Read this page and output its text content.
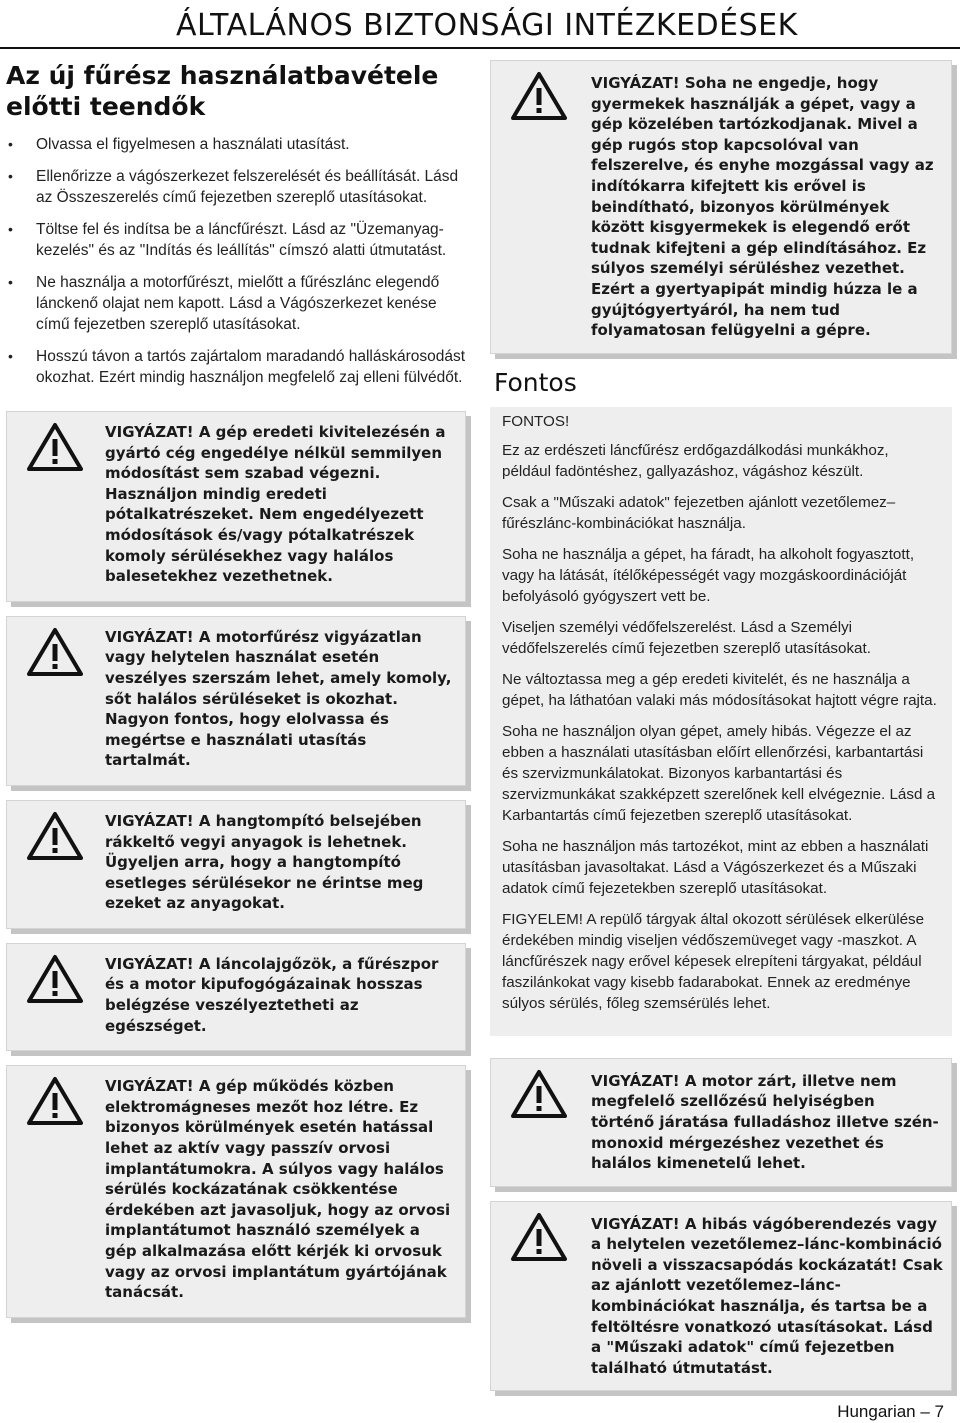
ÁLTALÁNOS BIZTONSÁGI INTÉZKEDÉSEK
Az új fűrész használatbavétele előtti teendők
• Olvassa el figyelmesen a használati utasítást.
• Ellenőrizze a vágószerkezet felszerelését és beállítását. Lásd az Összeszerelés című fejezetben szereplő utasításokat.
• Töltse fel és indítsa be a láncfűrészt. Lásd az "Üzemanyag-kezelés" és az "Indítás és leállítás" címszó alatti útmutatást.
• Ne használja a motorfűrészt, mielőtt a fűrészlánc elegendő lánckenő olajat nem kapott. Lásd a Vágószerkezet kenése című fejezetben szereplő utasításokat.
• Hosszú távon a tartós zajártalom maradandó halláskárosodást okozhat. Ezért mindig használjon megfelelő zaj elleni fülvédőt.
VIGYÁZAT! A gép eredeti kivitelezésén a gyártó cég engedélye nélkül semmilyen módosítást sem szabad végezni. Használjon mindig eredeti pótalkatrészeket. Nem engedélyezett módosítások és/vagy pótalkatrészek komoly sérülésekhez vagy halálos balesetekhez vezethetnek.
VIGYÁZAT! A motorfűrész vigyázatlan vagy helytelen használat esetén veszélyes szerszám lehet, amely komoly, sőt halálos sérüléseket is okozhat. Nagyon fontos, hogy elolvassa és megértse e használati utasítás tartalmát.
VIGYÁZAT! A hangtompító belsejében rákkeltő vegyi anyagok is lehetnek. Ügyeljen arra, hogy a hangtompító esetleges sérülésekor ne érintse meg ezeket az anyagokat.
VIGYÁZAT! A láncolajgőzök, a fűrészpor és a motor kipufogógázainak hosszas belégzése veszélyeztetheti az egészséget.
VIGYÁZAT! A gép működés közben elektromágneses mezőt hoz létre. Ez bizonyos körülmények esetén hatással lehet az aktív vagy passzív orvosi implantátumokra. A súlyos vagy halálos sérülés kockázatának csökkentése érdekében azt javasoljuk, hogy az orvosi implantátumot használó személyek a gép alkalmazása előtt kérjék ki orvosuk vagy az orvosi implantátum gyártójának tanácsát.
VIGYÁZAT! Soha ne engedje, hogy gyermekek használják a gépet, vagy a gép közelében tartózkodjanak. Mivel a gép rugós stop kapcsolóval van felszerelve, és enyhe mozgással vagy az indítókarra kifejtett kis erővel is beindítható, bizonyos körülmények között kisgyermekek is elegendő erőt tudnak kifejteni a gép elindításához. Ez súlyos személyi sérüléshez vezethet. Ezért a gyertyapipát mindig húzza le a gyújtógyertyáról, ha nem tud folyamatosan felügyelni a gépre.
Fontos

FONTOS!

Ez az erdészeti láncfűrész erdőgazdálkodási munkákhoz, például fadöntéshez, gallyazáshoz, vágáshoz készült.

Csak a "Műszaki adatok" fejezetben ajánlott vezetőlemez–fűrészlánc-kombinációkat használja.

Soha ne használja a gépet, ha fáradt, ha alkoholt fogyasztott, vagy ha látását, ítélőképességét vagy mozgáskoordinációját befolyásoló gyógyszert vett be.

Viseljen személyi védőfelszerelést. Lásd a Személyi védőfelszerelés című fejezetben szereplő utasításokat.

Ne változtassa meg a gép eredeti kivitelét, és ne használja a gépet, ha láthatóan valaki más módosításokat hajtott végre rajta.

Soha ne használjon olyan gépet, amely hibás. Végezze el az ebben a használati utasításban előírt ellenőrzési, karbantartási és szervizmunkálatokat. Bizonyos karbantartási és szervizmunkákat szakképzett szerelőnek kell elvégeznie. Lásd a Karbantartás című fejezetben szereplő utasításokat.

Soha ne használjon más tartozékot, mint az ebben a használati utasításban javasoltakat. Lásd a Vágószerkezet és a Műszaki adatok című fejezetekben szereplő utasításokat.

FIGYELEM! A repülő tárgyak által okozott sérülések elkerülése érdekében mindig viseljen védőszemüveget vagy -maszkot. A láncfűrészek nagy erővel képesek elrepíteni tárgyakat, például faszilánkokat vagy kisebb fadarabokat. Ennek az eredménye súlyos sérülés, főleg szemsérülés lehet.

VIGYÁZAT! A motor zárt, illetve nem megfelelő szellőzésű helyiségben történő járatása fulladáshoz illetve szén-monoxid mérgezéshez vezethet és halálos kimenetelű lehet.
VIGYÁZAT! A hibás vágóberendezés vagy a helytelen vezetőlemez–lánc-kombináció növeli a visszacsapódás kockázatát! Csak az ajánlott vezetőlemez–lánc-kombinációkat használja, és tartsa be a feltöltésre vonatkozó utasításokat. Lásd a "Műszaki adatok" című fejezetben található útmutatást.
Hungarian – 7
